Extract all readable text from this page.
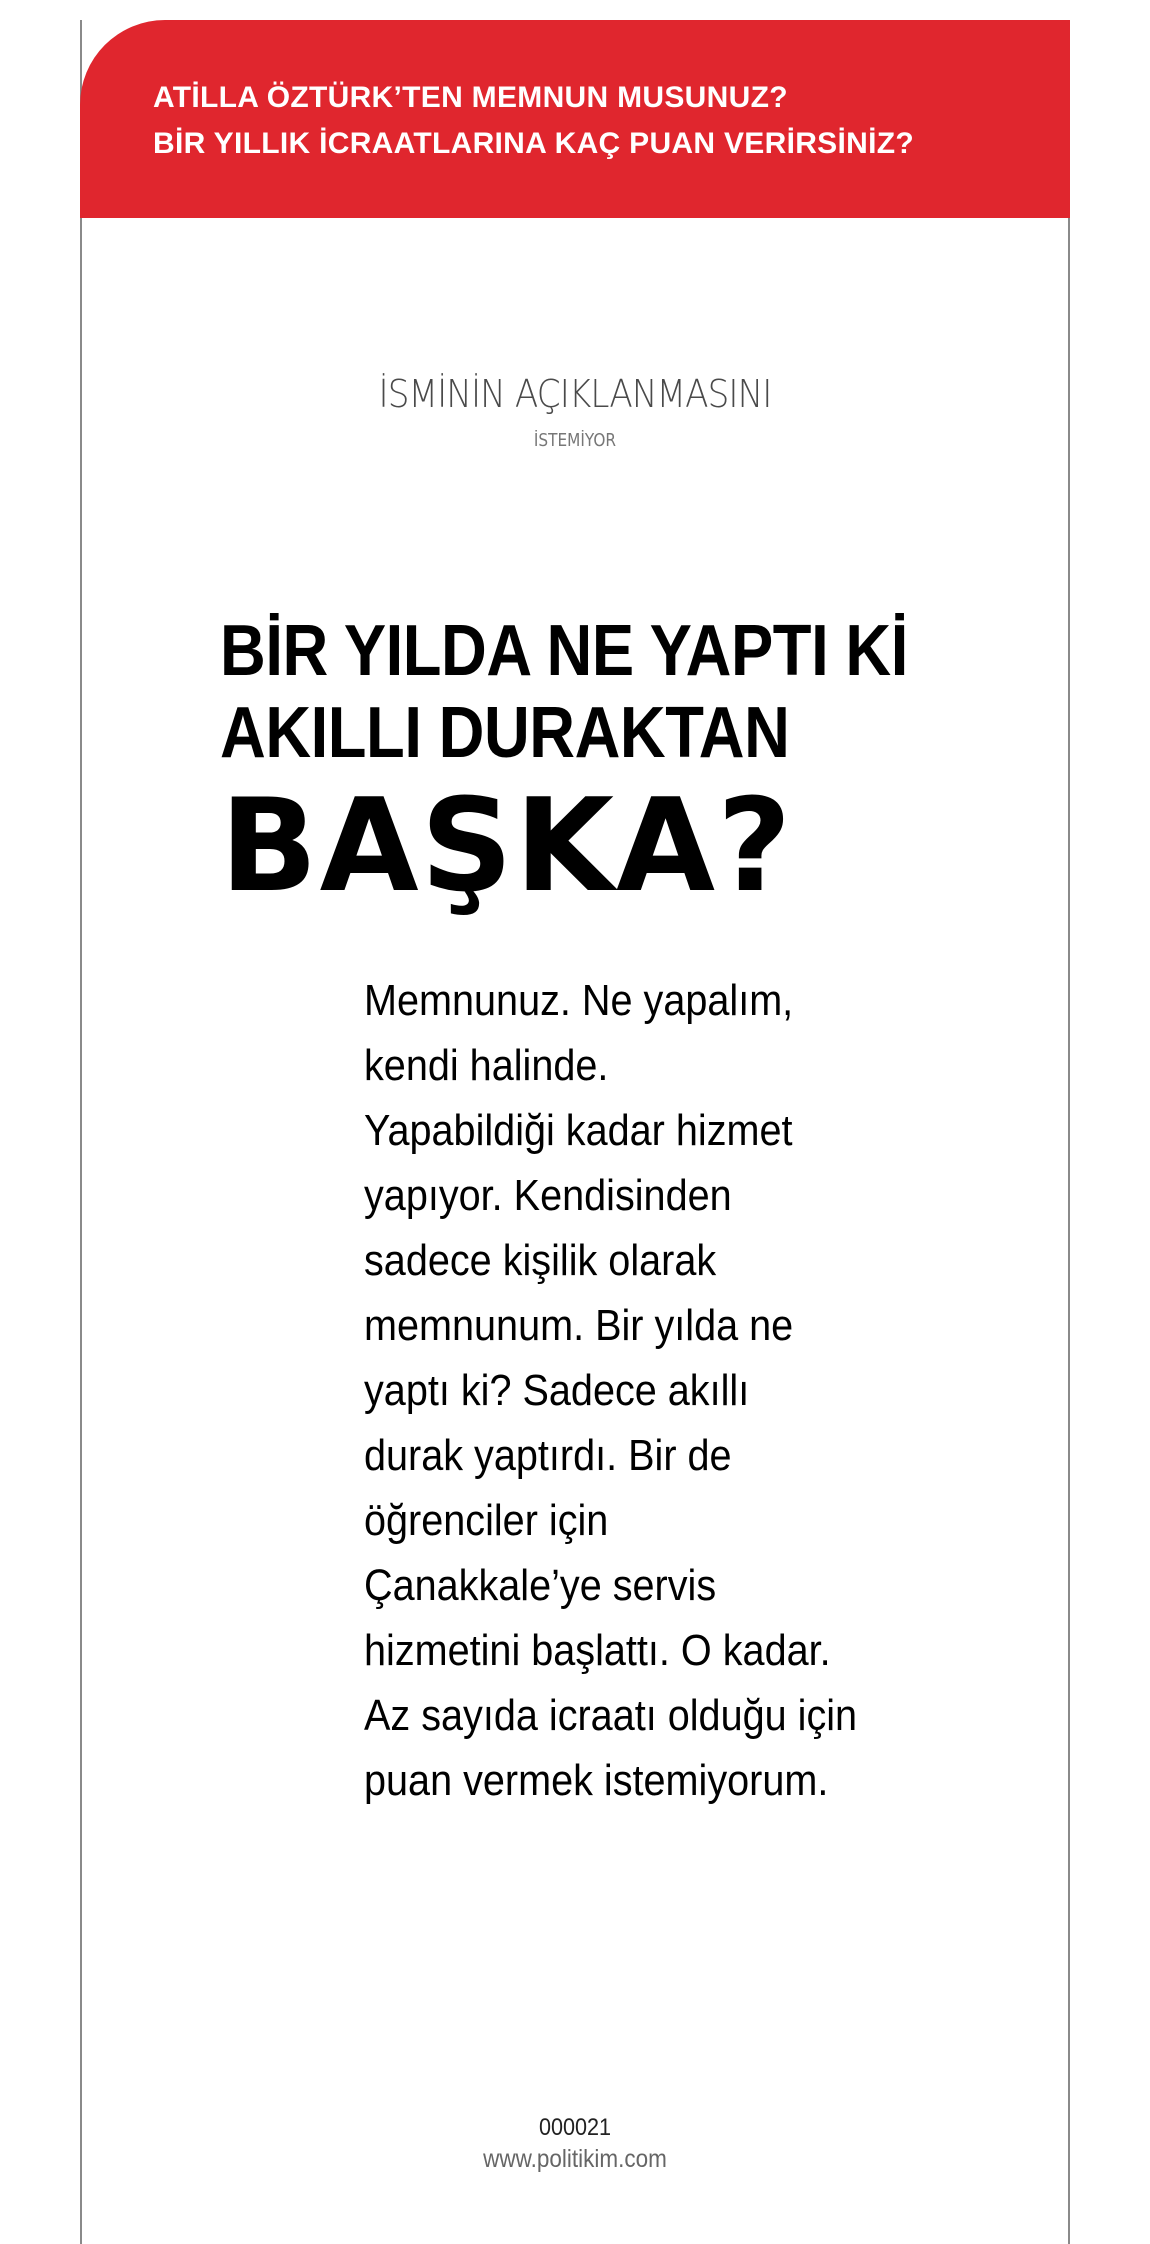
ATİLLA ÖZTÜRK’TEN MEMNUN MUSUNUZ?
BİR YILLIK İCRAATLARINA KAÇ PUAN VERİRSİNİZ?
İSMİNİN AÇIKLANMASINI
İSTEMİYOR
BİR YILDA NE YAPTI Kİ
AKILLI DURAKTAN
BAŞKA?
Memnunuz. Ne yapalım,
kendi halinde.
Yapabildiği kadar hizmet
yapıyor. Kendisinden
sadece kişilik olarak
memnunum. Bir yılda ne
yaptı ki? Sadece akıllı
durak yaptırdı. Bir de
öğrenciler için
Çanakkale’ye servis
hizmetini başlattı. O kadar.
Az sayıda icraatı olduğu için
puan vermek istemiyorum.
000021
www.politikim.com
